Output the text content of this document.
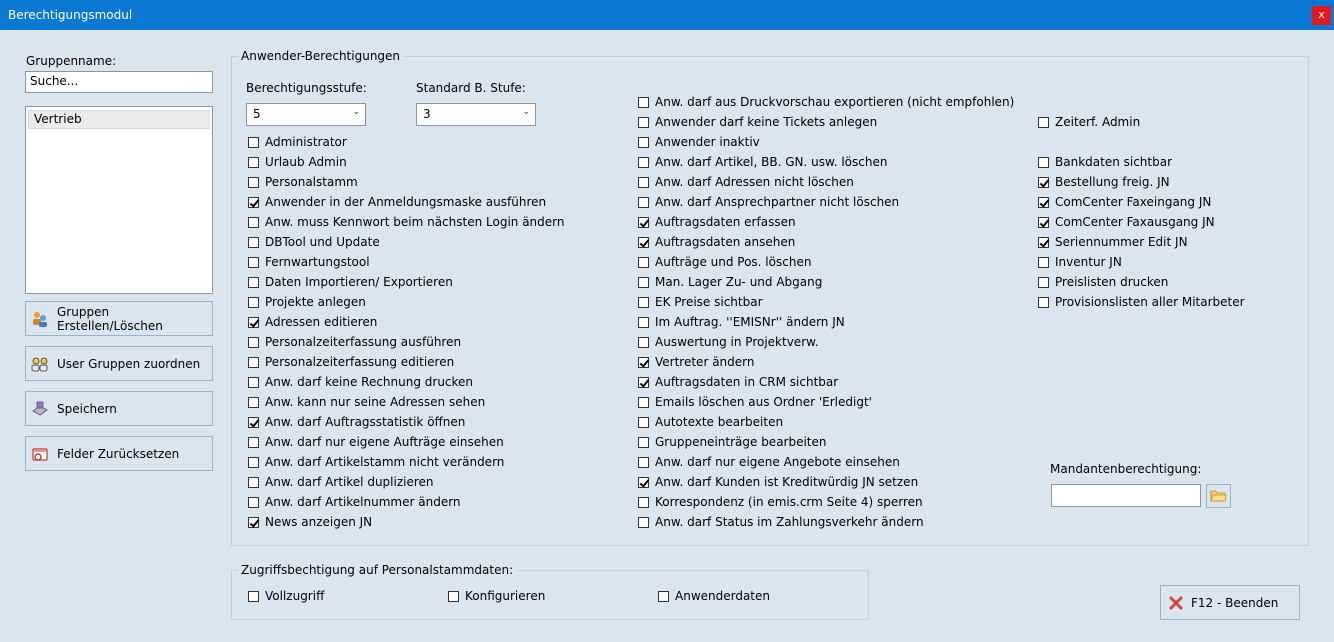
Berechtigungsmodul	x
Gruppenname:
Suche...
Vertrieb
Gruppen Erstellen/Löschen
User Gruppen zuordnen
Speichern
Felder Zurücksetzen
Anwender-Berechtigungen
Berechtigungsstufe:
5	⌄
Standard B. Stufe:
3	⌄
Administrator
Urlaub Admin
Personalstamm
Anwender in der Anmeldungsmaske ausführen
Anw. muss Kennwort beim nächsten Login ändern
DBTool und Update
Fernwartungstool
Daten Importieren/ Exportieren
Projekte anlegen
Adressen editieren
Personalzeiterfassung ausführen
Personalzeiterfassung editieren
Anw. darf keine Rechnung drucken
Anw. kann nur seine Adressen sehen
Anw. darf Auftragsstatistik öffnen
Anw. darf nur eigene Aufträge einsehen
Anw. darf Artikelstamm nicht verändern
Anw. darf Artikel duplizieren
Anw. darf Artikelnummer ändern
News anzeigen JN
Anw. darf aus Druckvorschau exportieren (nicht empfohlen)
Anwender darf keine Tickets anlegen
Anwender inaktiv
Anw. darf Artikel, BB. GN. usw. löschen
Anw. darf Adressen nicht löschen
Anw. darf Ansprechpartner nicht löschen
Auftragsdaten erfassen
Auftragsdaten ansehen
Aufträge und Pos. löschen
Man. Lager Zu- und Abgang
EK Preise sichtbar
Im Auftrag. ''EMISNr'' ändern JN
Auswertung in Projektverw.
Vertreter ändern
Auftragsdaten in CRM sichtbar
Emails löschen aus Ordner 'Erledigt'
Autotexte bearbeiten
Gruppeneinträge bearbeiten
Anw. darf nur eigene Angebote einsehen
Anw. darf Kunden ist Kreditwürdig JN setzen
Korrespondenz (in emis.crm Seite 4) sperren
Anw. darf Status im Zahlungsverkehr ändern
Zeiterf. Admin
Bankdaten sichtbar
Bestellung freig. JN
ComCenter Faxeingang JN
ComCenter Faxausgang JN
Seriennummer Edit JN
Inventur JN
Preislisten drucken
Provisionslisten aller Mitarbeter
Mandantenberechtigung:
Zugriffsbechtigung auf Personalstammdaten:
Vollzugriff	Konfigurieren	Anwenderdaten	F12 - Beenden
